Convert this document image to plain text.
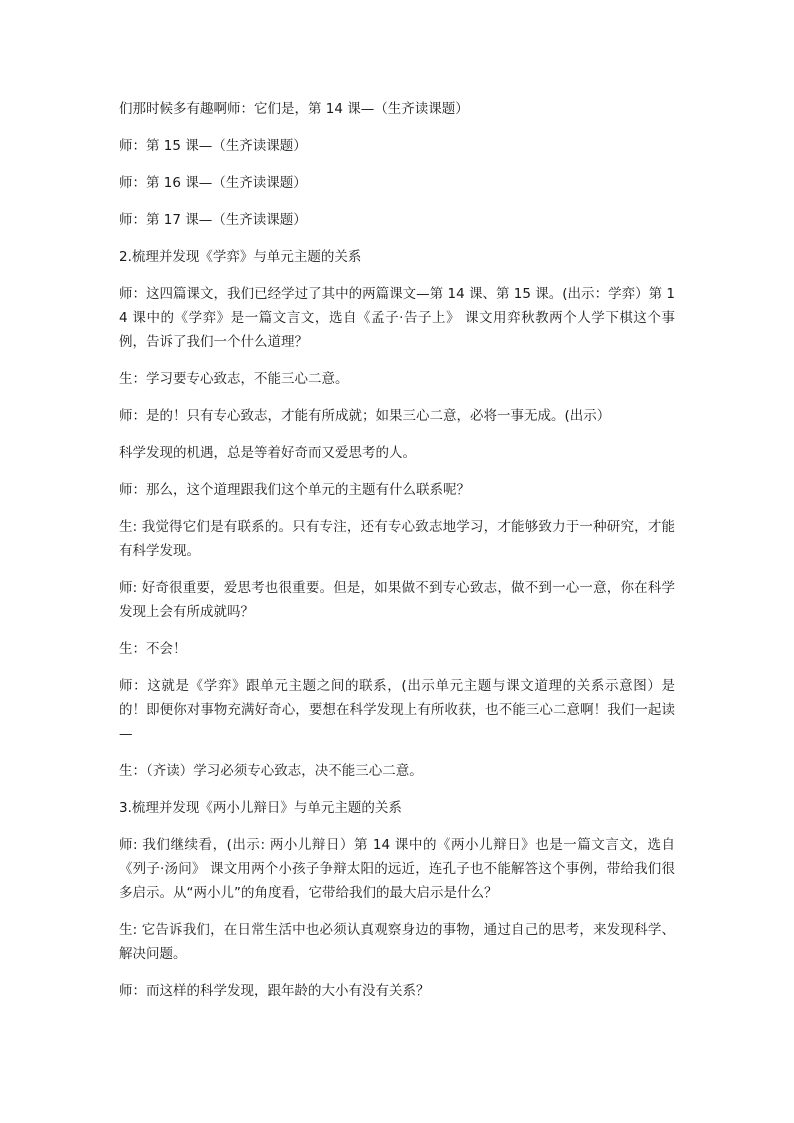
们那时候多有趣啊师：它们是，第 14 课—（生齐读课题）

师：第 15 课—（生齐读课题）

师：第 16 课—（生齐读课题）

师：第 17 课—（生齐读课题）

2.梳理并发现《学弈》与单元主题的关系

师：这四篇课文，我们已经学过了其中的两篇课文—第 14 课、第 15 课。(出示：学弈）第 14 课中的《学弈》是一篇文言文，选自《孟子·告子上》 课文用弈秋教两个人学下棋这个事例，告诉了我们一个什么道理？

生：学习要专心致志，不能三心二意。

师：是的！只有专心致志，才能有所成就；如果三心二意，必将一事无成。(出示）

科学发现的机遇，总是等着好奇而又爱思考的人。

师：那么，这个道理跟我们这个单元的主题有什么联系呢？

生: 我觉得它们是有联系的。只有专注，还有专心致志地学习，才能够致力于一种研究，才能有科学发现。

师: 好奇很重要，爱思考也很重要。但是，如果做不到专心致志，做不到一心一意，你在科学发现上会有所成就吗？

生：不会！

师：这就是《学弈》跟单元主题之间的联系，(出示单元主题与课文道理的关系示意图）是的！即便你对事物充满好奇心，要想在科学发现上有所收获，也不能三心二意啊！我们一起读—

生：（齐读）学习必须专心致志，决不能三心二意。

3.梳理并发现《两小儿辩日》与单元主题的关系

师: 我们继续看，(出示: 两小儿辩日）第 14 课中的《两小儿辩日》也是一篇文言文，选自《列子·汤问》 课文用两个小孩子争辩太阳的远近，连孔子也不能解答这个事例，带给我们很多启示。从“两小儿”的角度看，它带给我们的最大启示是什么？

生: 它告诉我们，在日常生活中也必须认真观察身边的事物，通过自己的思考，来发现科学、解决问题。

师：而这样的科学发现，跟年龄的大小有没有关系？
